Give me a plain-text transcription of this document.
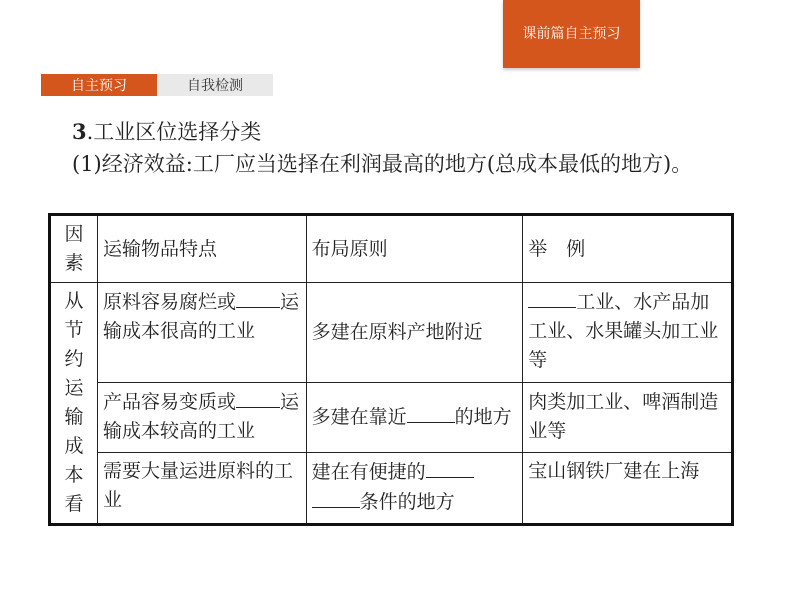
课前篇自主预习
自主预习	自我检测
3.工业区位选择分类
(1)经济效益:工厂应当选择在利润最高的地方(总成本最低的地方)。
因素	运输物品特点	布局原则	举　例
从节约运输成本看	原料容易腐烂或 运输成本很高的工业	多建在原料产地附近	工业、水产品加工业、水果罐头加工业等
	产品容易变质或 运输成本较高的工业	多建在靠近 的地方	肉类加工业、啤酒制造业等
	需要大量运进原料的工业	建在有便捷的条件的地方	宝山钢铁厂建在上海
